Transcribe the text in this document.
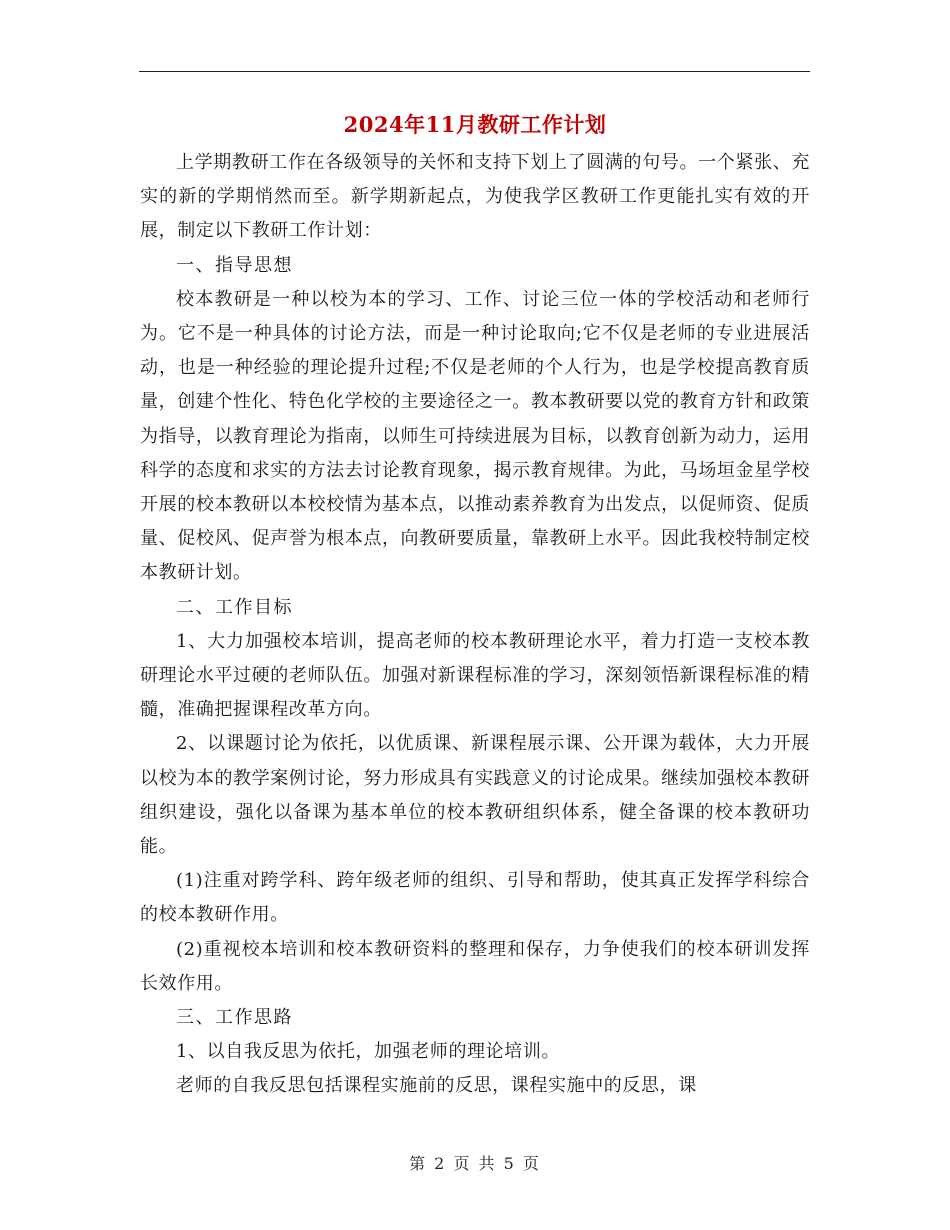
2024年11月教研工作计划

上学期教研工作在各级领导的关怀和支持下划上了圆满的句号。一个紧张、充实的新的学期悄然而至。新学期新起点，为使我学区教研工作更能扎实有效的开展，制定以下教研工作计划：

一、指导思想

校本教研是一种以校为本的学习、工作、讨论三位一体的学校活动和老师行为。它不是一种具体的讨论方法，而是一种讨论取向;它不仅是老师的专业进展活动，也是一种经验的理论提升过程;不仅是老师的个人行为，也是学校提高教育质量，创建个性化、特色化学校的主要途径之一。教本教研要以党的教育方针和政策为指导，以教育理论为指南，以师生可持续进展为目标，以教育创新为动力，运用科学的态度和求实的方法去讨论教育现象，揭示教育规律。为此，马场垣金星学校开展的校本教研以本校校情为基本点，以推动素养教育为出发点，以促师资、促质量、促校风、促声誉为根本点，向教研要质量，靠教研上水平。因此我校特制定校本教研计划。

二、工作目标

1、大力加强校本培训，提高老师的校本教研理论水平，着力打造一支校本教研理论水平过硬的老师队伍。加强对新课程标准的学习，深刻领悟新课程标准的精髓，准确把握课程改革方向。

2、以课题讨论为依托，以优质课、新课程展示课、公开课为载体，大力开展以校为本的教学案例讨论，努力形成具有实践意义的讨论成果。继续加强校本教研组织建设，强化以备课为基本单位的校本教研组织体系，健全备课的校本教研功能。

(1)注重对跨学科、跨年级老师的组织、引导和帮助，使其真正发挥学科综合的校本教研作用。

(2)重视校本培训和校本教研资料的整理和保存，力争使我们的校本研训发挥长效作用。

三、工作思路

1、以自我反思为依托，加强老师的理论培训。

老师的自我反思包括课程实施前的反思，课程实施中的反思，课

第 2 页 共 5 页
